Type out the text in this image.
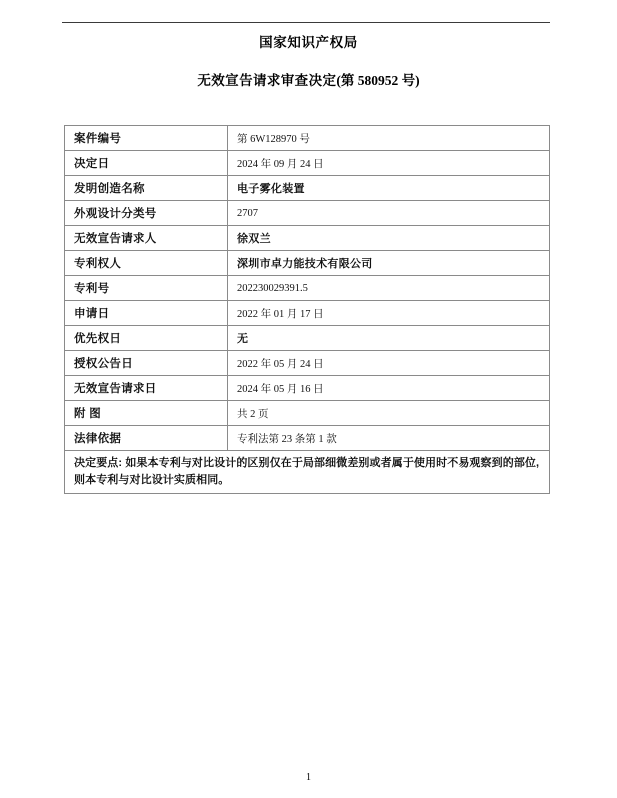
国家知识产权局
无效宣告请求审查决定(第 580952 号)
案件编号	第 6W128970 号
决定日	2024 年 09 月 24 日
发明创造名称	电子雾化装置
外观设计分类号	2707
无效宣告请求人	徐双兰
专利权人	深圳市卓力能技术有限公司
专利号	202230029391.5
申请日	2022 年 01 月 17 日
优先权日	无
授权公告日	2022 年 05 月 24 日
无效宣告请求日	2024 年 05 月 16 日
附 图	共 2 页
法律依据	专利法第 23 条第 1 款
决定要点: 如果本专利与对比设计的区别仅在于局部细微差别或者属于使用时不易观察到的部位, 则本专利与对比设计实质相同。	
1
